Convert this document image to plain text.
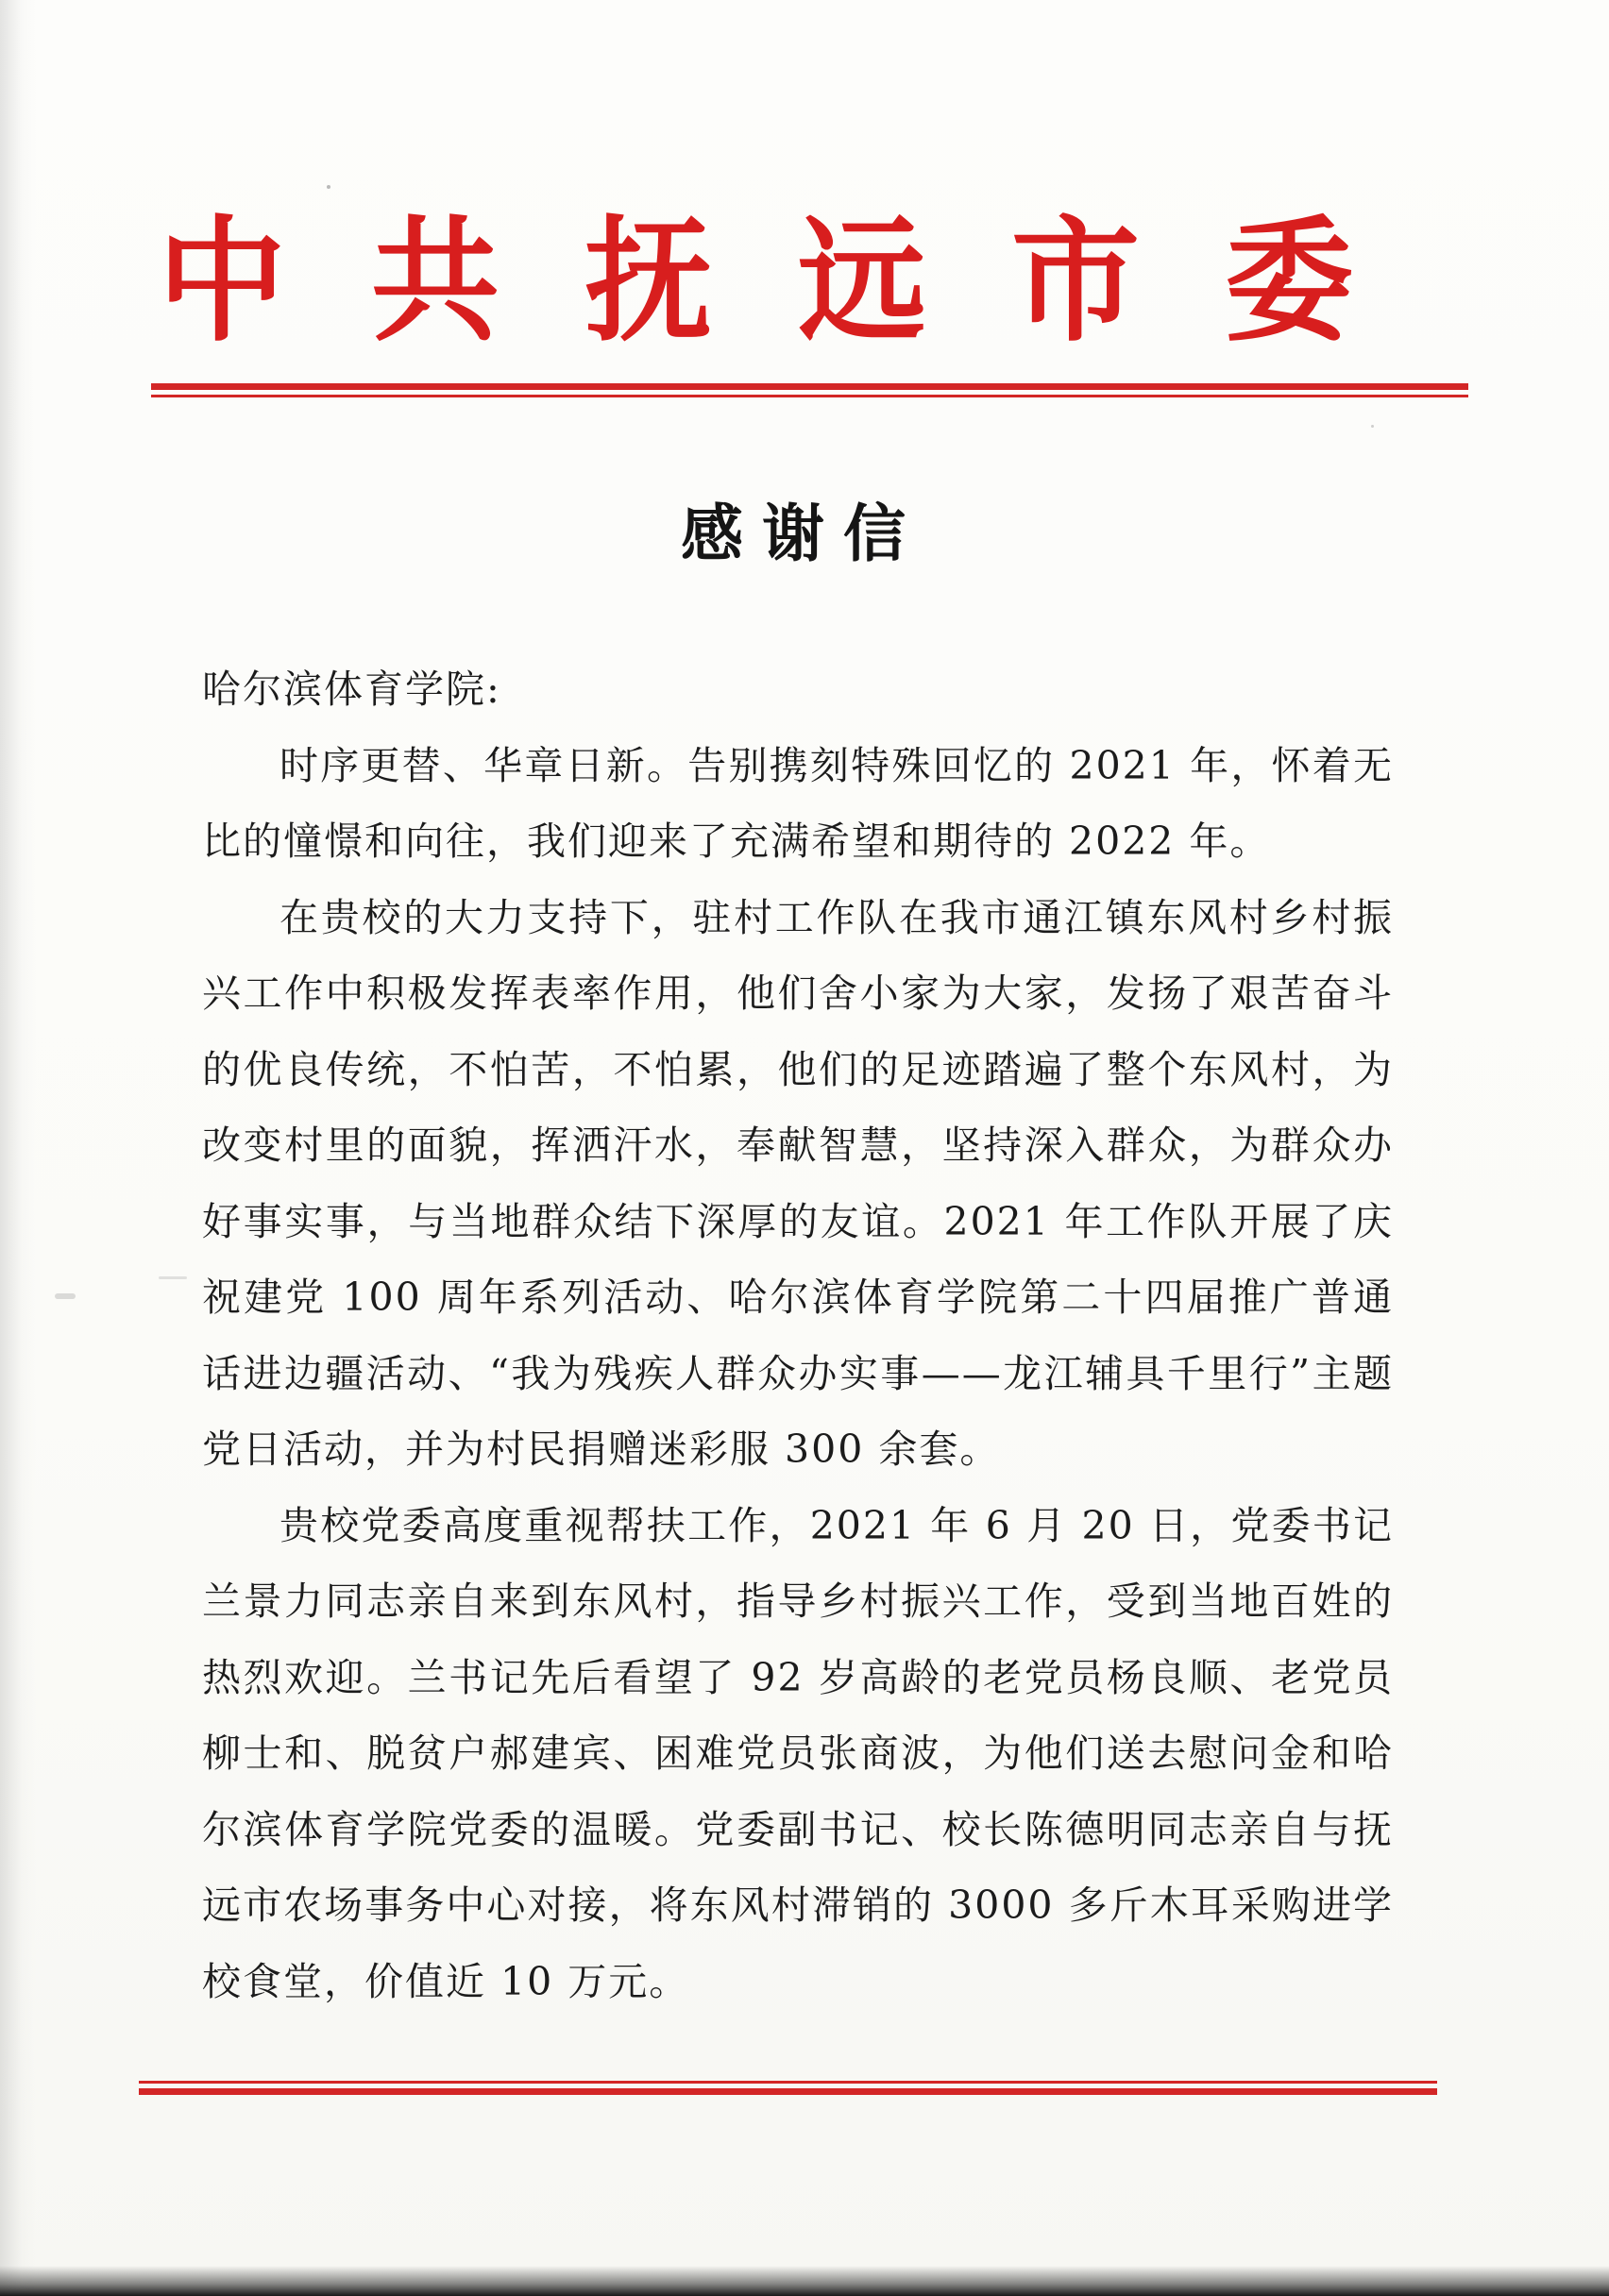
中 共 抚 远 市 委
感谢信

哈尔滨体育学院:

时序更替、华章日新。告别携刻特殊回忆的 2021 年，怀着无比的憧憬和向往，我们迎来了充满希望和期待的 2022 年。

在贵校的大力支持下，驻村工作队在我市通江镇东风村乡村振兴工作中积极发挥表率作用，他们舍小家为大家，发扬了艰苦奋斗的优良传统，不怕苦，不怕累，他们的足迹踏遍了整个东风村，为改变村里的面貌，挥洒汗水，奉献智慧，坚持深入群众，为群众办好事实事，与当地群众结下深厚的友谊。2021 年工作队开展了庆祝建党 100 周年系列活动、哈尔滨体育学院第二十四届推广普通话进边疆活动、“我为残疾人群众办实事——龙江辅具千里行”主题党日活动，并为村民捐赠迷彩服 300 余套。

贵校党委高度重视帮扶工作，2021 年 6 月 20 日，党委书记兰景力同志亲自来到东风村，指导乡村振兴工作，受到当地百姓的热烈欢迎。兰书记先后看望了 92 岁高龄的老党员杨良顺、老党员柳士和、脱贫户郝建宾、困难党员张商波，为他们送去慰问金和哈尔滨体育学院党委的温暖。党委副书记、校长陈德明同志亲自与抚远市农场事务中心对接，将东风村滞销的 3000 多斤木耳采购进学校食堂，价值近 10 万元。
